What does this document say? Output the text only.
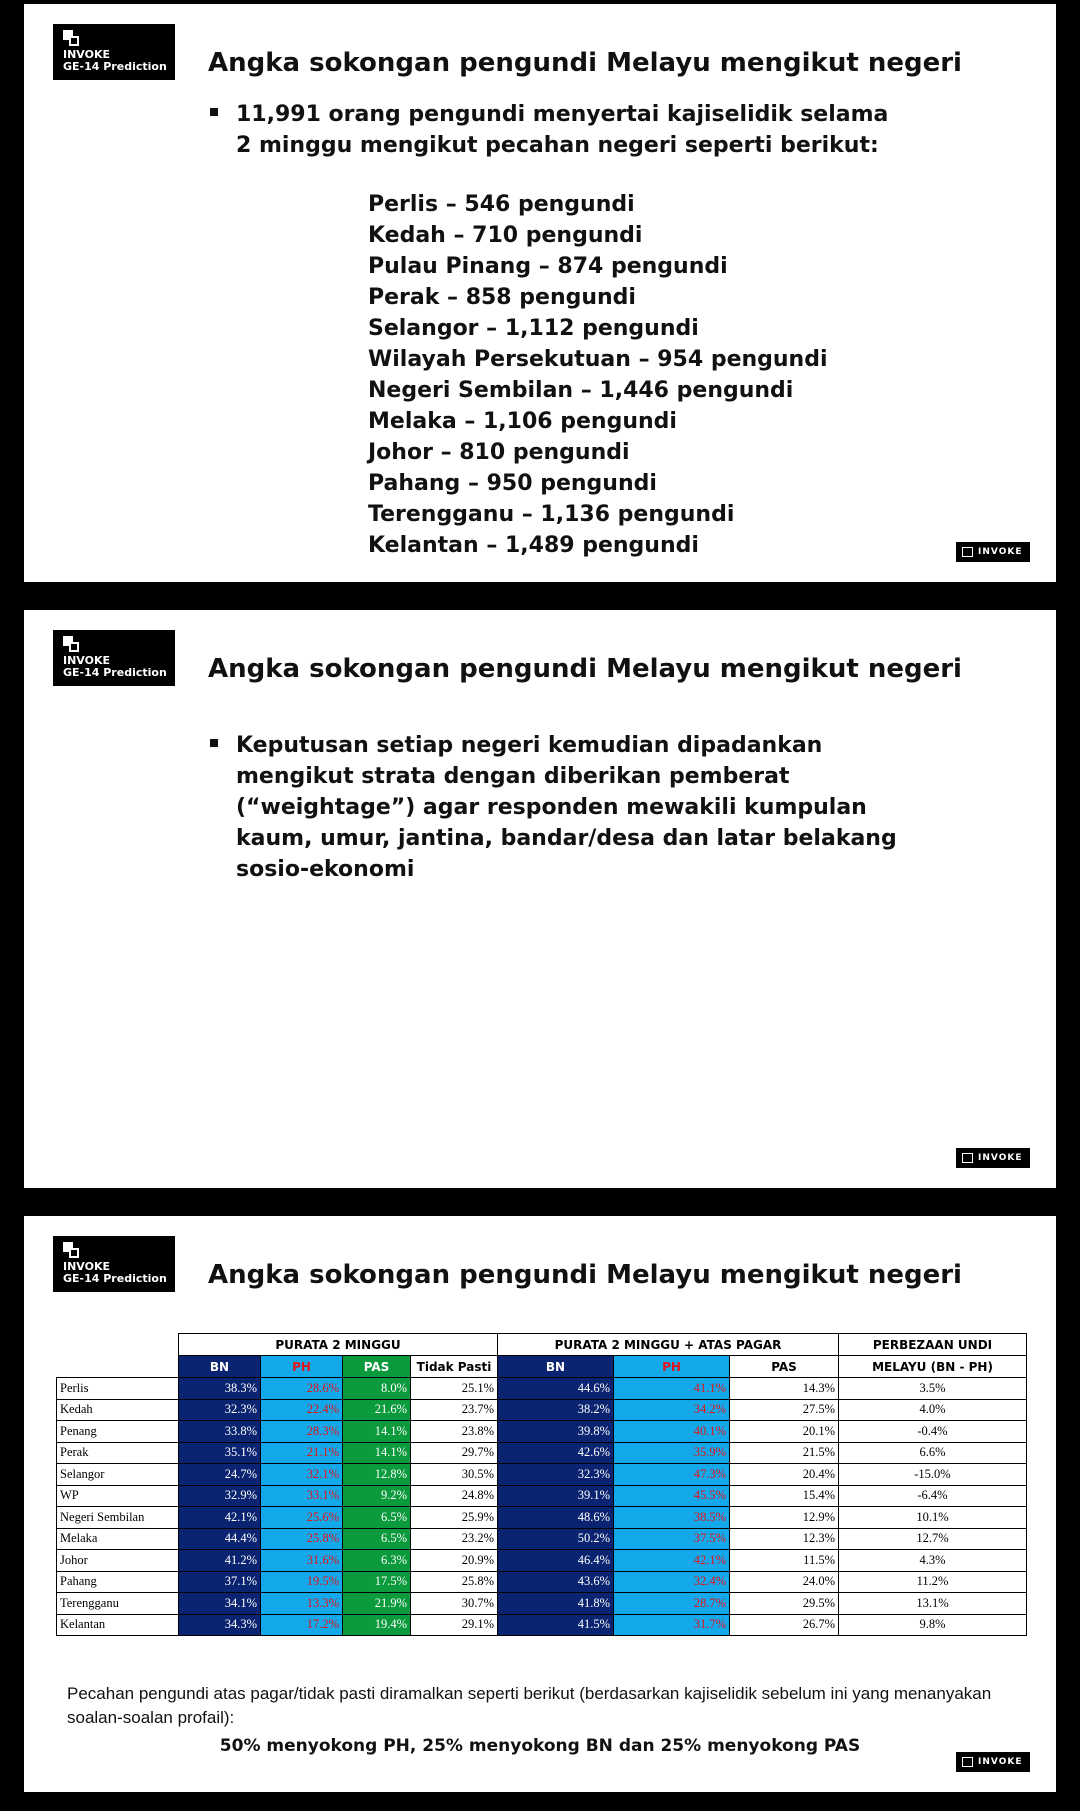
INVOKE
GE-14 Prediction	Angka sokongan pengundi Melayu mengikut negeri
11,991 orang pengundi menyertai kajiselidik selama 2 minggu mengikut pecahan negeri seperti berikut:
Perlis – 546 pengundi
Kedah – 710 pengundi
Pulau Pinang – 874 pengundi
Perak – 858 pengundi
Selangor – 1,112 pengundi
Wilayah Persekutuan – 954 pengundi
Negeri Sembilan – 1,446 pengundi
Melaka – 1,106 pengundi
Johor – 810 pengundi
Pahang – 950 pengundi
Terengganu – 1,136 pengundi
Kelantan – 1,489 pengundi	INVOKE
INVOKE
GE-14 Prediction	Angka sokongan pengundi Melayu mengikut negeri
Keputusan setiap negeri kemudian dipadankan mengikut strata dengan diberikan pemberat (“weightage”) agar responden mewakili kumpulan kaum, umur, jantina, bandar/desa dan latar belakang sosio-ekonomi
INVOKE
INVOKE
GE-14 Prediction	Angka sokongan pengundi Melayu mengikut negeri
	PURATA 2 MINGGU				PURATA 2 MINGGU + ATAS PAGAR			PERBEZAAN UNDI
	BN	PH	PAS	Tidak Pasti	BN	PH	PAS	MELAYU (BN - PH)
Perlis	38.3%	28.6%	8.0%	25.1%	44.6%	41.1%	14.3%	3.5%
Kedah	32.3%	22.4%	21.6%	23.7%	38.2%	34.2%	27.5%	4.0%
Penang	33.8%	28.3%	14.1%	23.8%	39.8%	40.1%	20.1%	-0.4%
Perak	35.1%	21.1%	14.1%	29.7%	42.6%	35.9%	21.5%	6.6%
Selangor	24.7%	32.1%	12.8%	30.5%	32.3%	47.3%	20.4%	-15.0%
WP	32.9%	33.1%	9.2%	24.8%	39.1%	45.5%	15.4%	-6.4%
Negeri Sembilan	42.1%	25.6%	6.5%	25.9%	48.6%	38.5%	12.9%	10.1%
Melaka	44.4%	25.8%	6.5%	23.2%	50.2%	37.5%	12.3%	12.7%
Johor	41.2%	31.6%	6.3%	20.9%	46.4%	42.1%	11.5%	4.3%
Pahang	37.1%	19.5%	17.5%	25.8%	43.6%	32.4%	24.0%	11.2%
Terengganu	34.1%	13.3%	21.9%	30.7%	41.8%	28.7%	29.5%	13.1%
Kelantan	34.3%	17.2%	19.4%	29.1%	41.5%	31.7%	26.7%	9.8%
Pecahan pengundi atas pagar/tidak pasti diramalkan seperti berikut (berdasarkan kajiselidik sebelum ini yang menanyakan soalan-soalan profail):
50% menyokong PH, 25% menyokong BN dan 25% menyokong PAS
INVOKE
